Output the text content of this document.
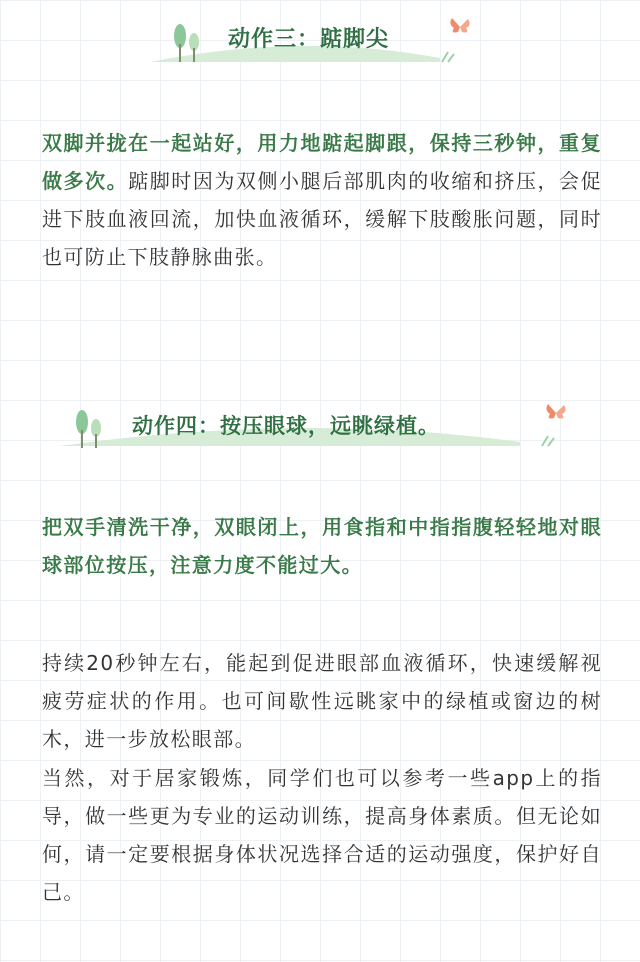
动作三：踮脚尖

双脚并拢在一起站好，用力地踮起脚跟，保持三秒钟，重复做多次。踮脚时因为双侧小腿后部肌肉的收缩和挤压，会促进下肢血液回流，加快血液循环，缓解下肢酸胀问题，同时也可防止下肢静脉曲张。

动作四：按压眼球，远眺绿植。

把双手清洗干净，双眼闭上，用食指和中指指腹轻轻地对眼球部位按压，注意力度不能过大。

持续20秒钟左右，能起到促进眼部血液循环，快速缓解视疲劳症状的作用。也可间歇性远眺家中的绿植或窗边的树木，进一步放松眼部。

当然，对于居家锻炼，同学们也可以参考一些app上的指导，做一些更为专业的运动训练，提高身体素质。但无论如何，请一定要根据身体状况选择合适的运动强度，保护好自己。
